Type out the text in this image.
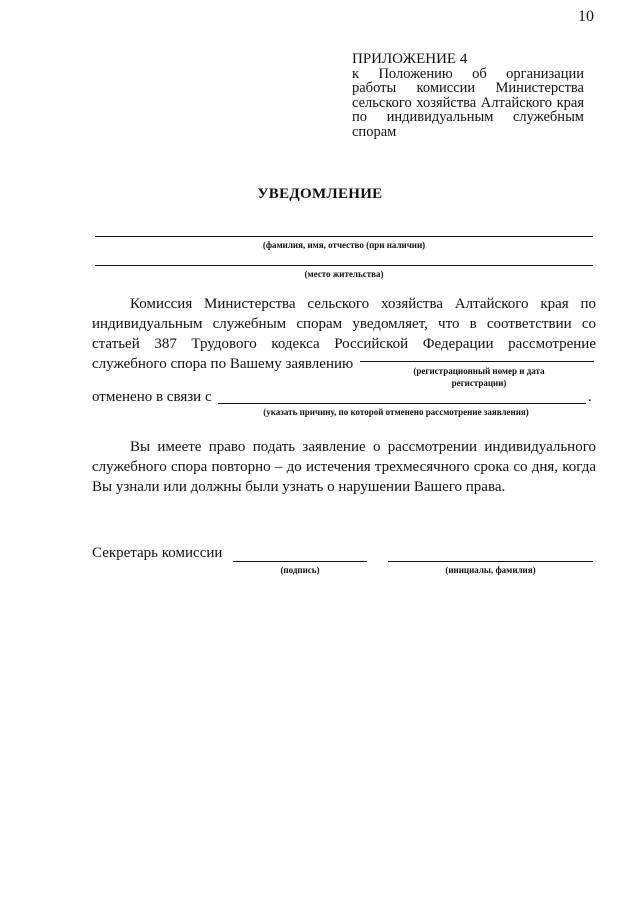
10
ПРИЛОЖЕНИЕ 4
к Положению об организации работы комиссии Министерства сельского хозяйства Алтайского края по индивидуальным служебным спорам
УВЕДОМЛЕНИЕ
(фамилия, имя, отчество (при наличии)
(место жительства)
Комиссия Министерства сельского хозяйства Алтайского края по индивидуальным служебным спорам уведомляет, что в соответствии со статьей 387 Трудового кодекса Российской Федерации рассмотрение служебного спора по Вашему заявлению	(регистрационный номер и дата регистрации)
отменено в связи с	.
(указать причину, по которой отменено рассмотрение заявления)
Вы имеете право подать заявление о рассмотрении индивидуального служебного спора повторно – до истечения трехмесячного срока со дня, когда Вы узнали или должны были узнать о нарушении Вашего права.
Секретарь комиссии
(подпись)	(инициалы, фамилия)
